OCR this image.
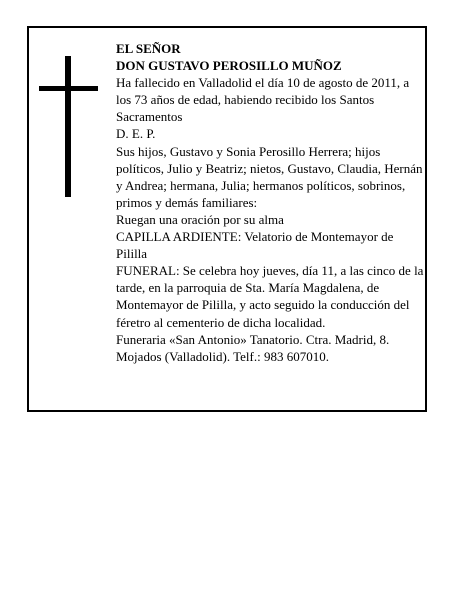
EL SEÑOR

DON GUSTAVO PEROSILLO MUÑOZ

Ha fallecido en Valladolid el día 10 de agosto de 2011, a los 73 años de edad, habiendo recibido los Santos Sacramentos

D. E. P.

Sus hijos, Gustavo y Sonia Perosillo Herrera; hijos políticos, Julio y Beatriz; nietos, Gustavo, Claudia, Hernán y Andrea; hermana, Julia; hermanos políticos, sobrinos, primos y demás familiares:

Ruegan una oración por su alma

CAPILLA ARDIENTE: Velatorio de Montemayor de Pililla

FUNERAL: Se celebra hoy jueves, día 11, a las cinco de la tarde, en la parroquia de Sta. María Magdalena, de Montemayor de Pililla, y acto seguido la conducción del féretro al cementerio de dicha localidad.

Funeraria «San Antonio» Tanatorio. Ctra. Madrid, 8. Mojados (Valladolid). Telf.: 983 607010.
